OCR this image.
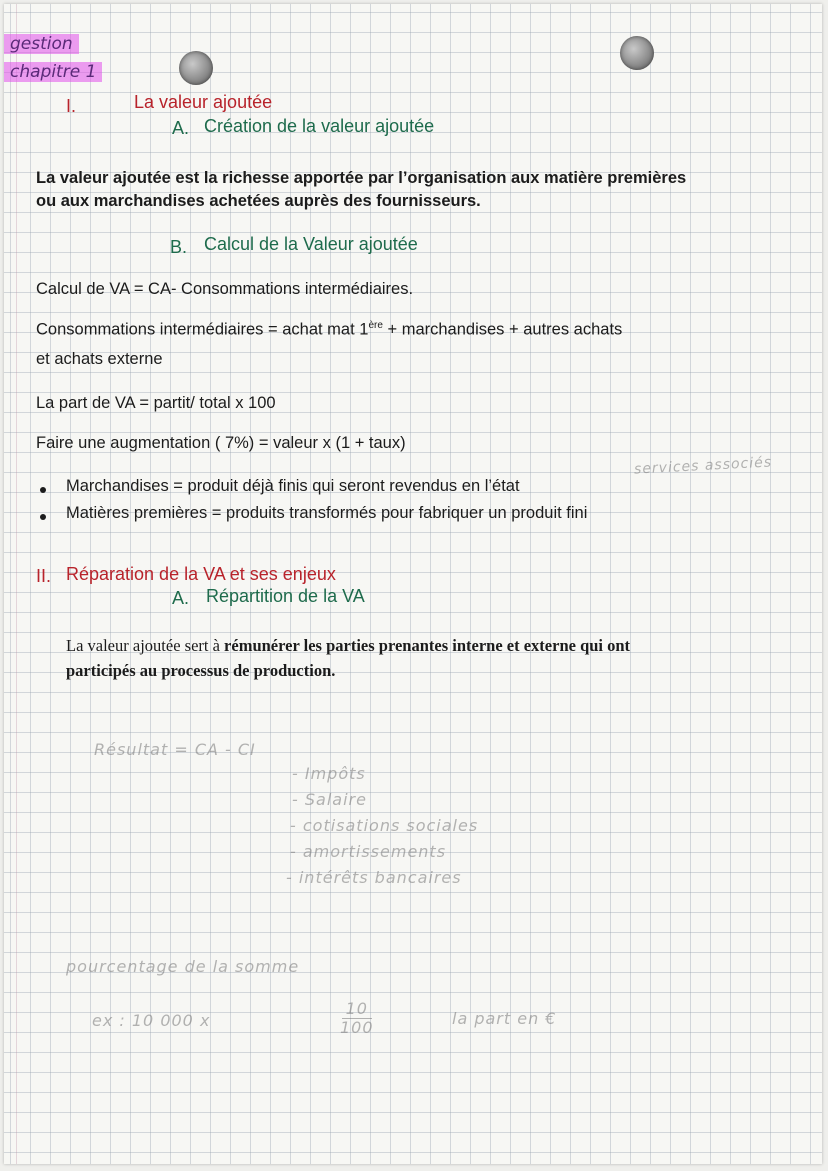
gestion
chapitre 1
I.	La valeur ajoutée
A. Création de la valeur ajoutée
La valeur ajoutée est la richesse apportée par l’organisation aux matière premières
ou aux marchandises achetées auprès des fournisseurs.
B. Calcul de la Valeur ajoutée
Calcul de VA = CA- Consommations intermédiaires.
Consommations intermédiaires = achat mat 1ère + marchandises + autres achats
et achats externe
La part de VA = partit/ total x 100
Faire une augmentation ( 7%) = valeur x (1 + taux)
Marchandises = produit déjà finis qui seront revendus en l’état
services associés
Matières premières = produits transformés pour fabriquer un produit fini
II. Réparation de la VA et ses enjeux
A. Répartition de la VA
La valeur ajoutée sert à rémunérer les parties prenantes interne et externe qui ont
participés au processus de production.
Résultat = CA - CI
- Impôts
- Salaire
- cotisations sociales
- amortissements
- intérêts bancaires
pourcentage de la somme
ex : 10 000 x	$\frac{10}{100}$	la part en €
